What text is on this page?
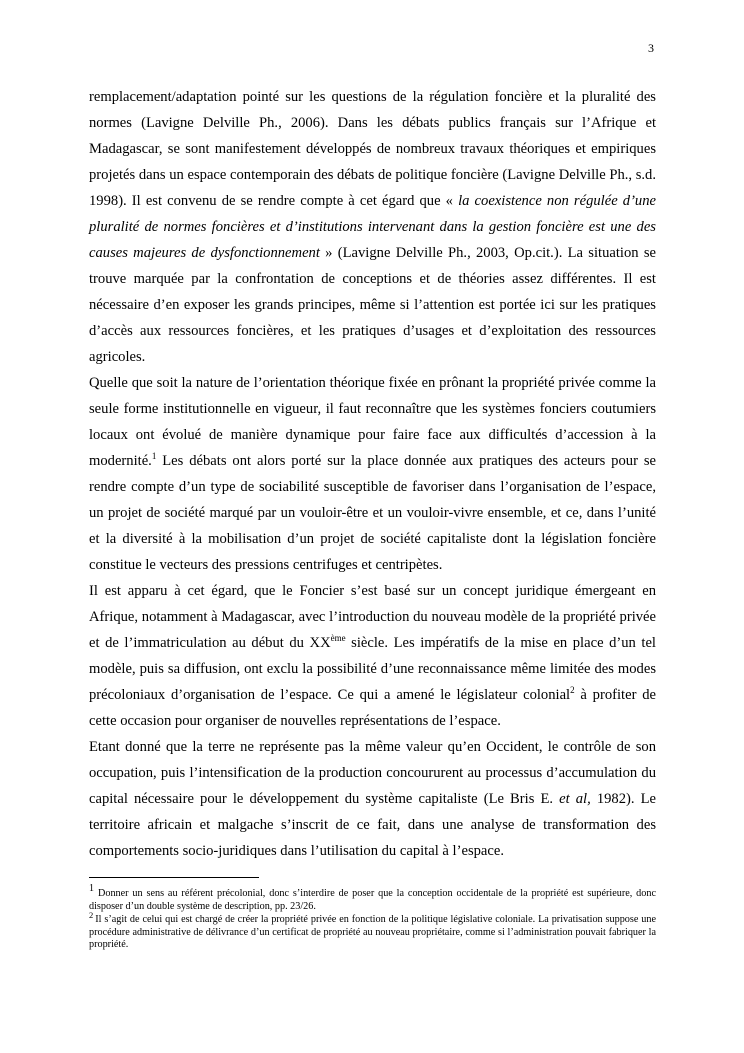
3

remplacement/adaptation pointé sur les questions de la régulation foncière et la pluralité des normes (Lavigne Delville Ph., 2006). Dans les débats publics français sur l’Afrique et Madagascar, se sont manifestement développés de nombreux travaux théoriques et empiriques projetés dans un espace contemporain des débats de politique foncière (Lavigne Delville Ph., s.d. 1998). Il est convenu de se rendre compte à cet égard que « la coexistence non régulée d’une pluralité de normes foncières et d’institutions intervenant dans la gestion foncière est une des causes majeures de dysfonctionnement » (Lavigne Delville Ph., 2003, Op.cit.). La situation se trouve marquée par la confrontation de conceptions et de théories assez différentes. Il est nécessaire d’en exposer les grands principes, même si l’attention est portée ici sur les pratiques d’accès aux ressources foncières, et les pratiques d’usages et d’exploitation des ressources agricoles.

Quelle que soit la nature de l’orientation théorique fixée en prônant la propriété privée comme la seule forme institutionnelle en vigueur, il faut reconnaître que les systèmes fonciers coutumiers locaux ont évolué de manière dynamique pour faire face aux difficultés d’accession à la modernité.$^1$ Les débats ont alors porté sur la place donnée aux pratiques des acteurs pour se rendre compte d’un type de sociabilité susceptible de favoriser dans l’organisation de l’espace, un projet de société marqué par un vouloir-être et un vouloir-vivre ensemble, et ce, dans l’unité et la diversité à la mobilisation d’un projet de société capitaliste dont la législation foncière constitue le vecteurs des pressions centrifuges et centripètes.

Il est apparu à cet égard, que le Foncier s’est basé sur un concept juridique émergeant en Afrique, notamment à Madagascar, avec l’introduction du nouveau modèle de la propriété privée et de l’immatriculation au début du XXème siècle. Les impératifs de la mise en place d’un tel modèle, puis sa diffusion, ont exclu la possibilité d’une reconnaissance même limitée des modes précoloniaux d’organisation de l’espace. Ce qui a amené le législateur colonial$^2$ à profiter de cette occasion pour organiser de nouvelles représentations de l’espace.

Etant donné que la terre ne représente pas la même valeur qu’en Occident, le contrôle de son occupation, puis l’intensification de la production concoururent au processus d’accumulation du capital nécessaire pour le développement du système capitaliste (Le Bris E. et al, 1982). Le territoire africain et malgache s’inscrit de ce fait, dans une analyse de transformation des comportements socio-juridiques dans l’utilisation du capital à l’espace.

$^1$ Donner un sens au référent précolonial, donc s’interdire de poser que la conception occidentale de la propriété est supérieure, donc disposer d’un double système de description, pp. 23/26.

$^2$ Il s’agit de celui qui est chargé de créer la propriété privée en fonction de la politique législative coloniale. La privatisation suppose une procédure administrative de délivrance d’un certificat de propriété au nouveau propriétaire, comme si l’administration pouvait fabriquer la propriété.
